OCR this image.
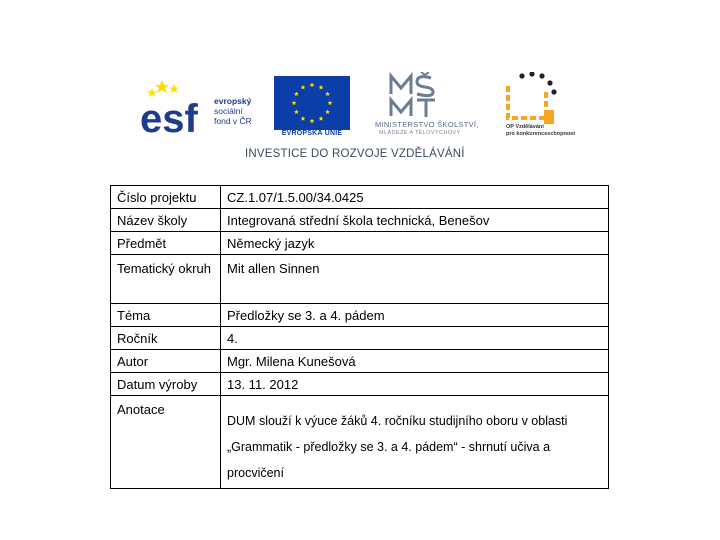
esf evropský
sociální
fond v ČR
EVROPSKÁ UNIE
MINISTERSTVO ŠKOLSTVÍ,
MLÁDEŽE A TĚLOVÝCHOVY
OP Vzdělávání
pro konkurenceschopnost
INVESTICE DO ROZVOJE VZDĚLÁVÁNÍ
Číslo projektu	CZ.1.07/1.5.00/34.0425
Název školy	Integrovaná střední škola technická, Benešov
Předmět	Německý jazyk
Tematický okruh	Mit allen Sinnen
Téma	Předložky se 3. a 4. pádem
Ročník	4.
Autor	Mgr. Milena Kunešová
Datum výroby	13. 11. 2012
Anotace	DUM slouží k výuce žáků 4. ročníku studijního oboru v oblasti „Grammatik - předložky se 3. a 4. pádem“ - shrnutí učiva a procvičení
